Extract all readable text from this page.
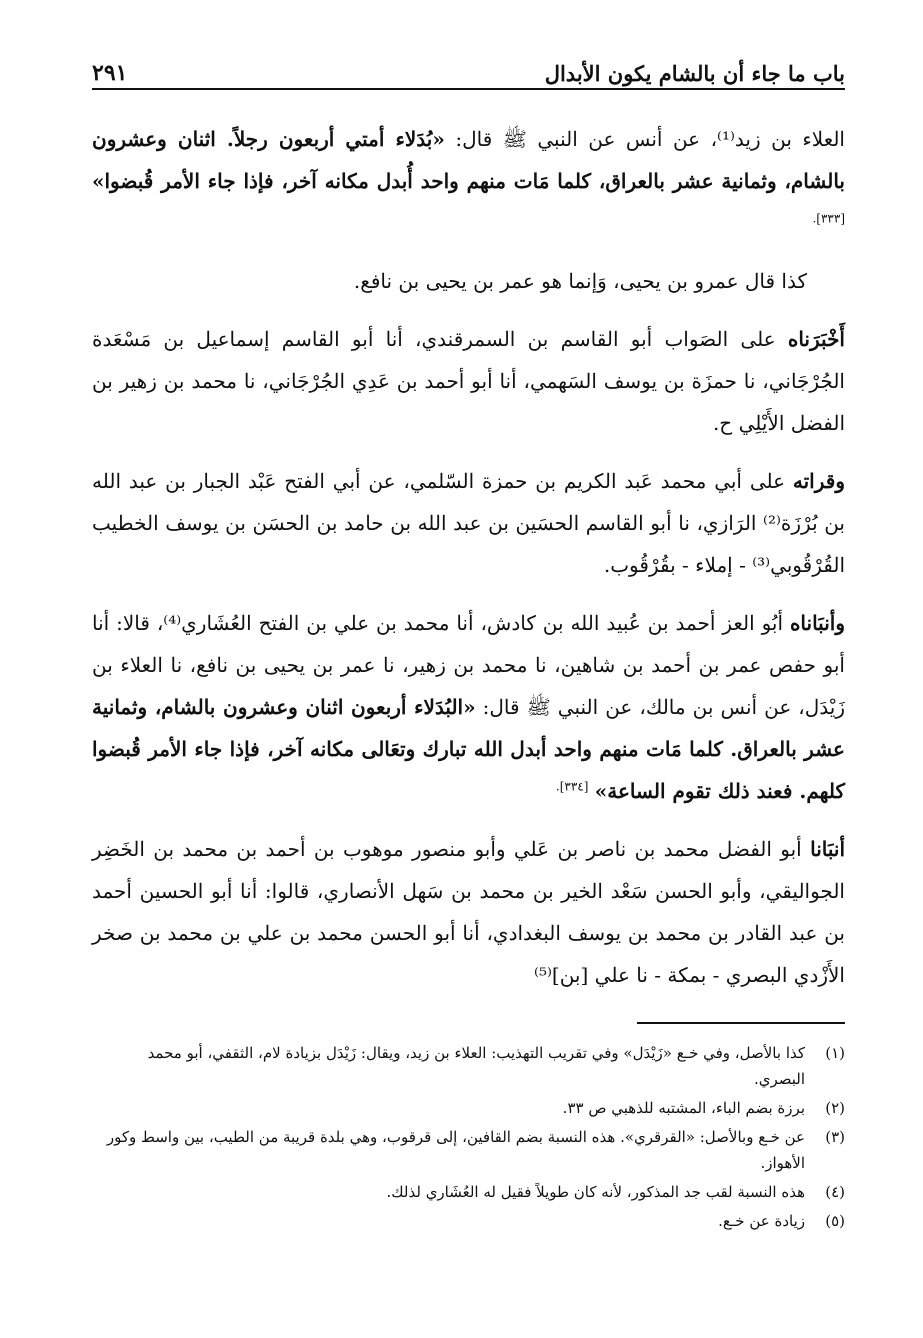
باب ما جاء أن بالشام يكون الأبدال
٢٩١

العلاء بن زيد⁽¹⁾، عن أنس عن النبي ﷺ قال: «بُدَلاء أمتي أربعون رجلاً. اثنان وعشرون بالشام، وثمانية عشر بالعراق، كلما مَات منهم واحد أُبدل مكانه آخر، فإذا جاء الأمر قُبضوا» $^{[٣٣٣].}$

كذا قال عمرو بن يحيى، وَإنما هو عمر بن يحيى بن نافع.

أَخْبَرَناه على الصَواب أبو القاسم بن السمرقندي، أنا أبو القاسم إسماعيل بن مَسْعَدة الجُرْجَاني، نا حمزَة بن يوسف السَهمي، أنا أبو أحمد بن عَدِي الجُرْجَاني، نا محمد بن زهير بن الفضل الأَيْلِي ح.

وقراته على أبي محمد عَبد الكريم بن حمزة السّلمي، عن أبي الفتح عَبْد الجبار بن عبد الله بن بُرْزَة⁽²⁾ الرَازي، نا أبو القاسم الحسَين بن عبد الله بن حامد بن الحسَن بن يوسف الخطيب القُرْقُوبي⁽³⁾ - إملاء - بقُرْقُوب.

وأنبَاناه أبُو العز أحمد بن عُبيد الله بن كادش، أنا محمد بن علي بن الفتح العُشَاري⁽⁴⁾، قالا: أنا أبو حفص عمر بن أحمد بن شاهين، نا محمد بن زهير، نا عمر بن يحيى بن نافع، نا العلاء بن زَيْدَل، عن أنس بن مالك، عن النبي ﷺ قال: «البُدَلاء أربعون اثنان وعشرون بالشام، وثمانية عشر بالعراق. كلما مَات منهم واحد أبدل الله تبارك وتعَالى مكانه آخر، فإذا جاء الأمر قُبضوا كلهم. فعند ذلك تقوم الساعة» $^{[٣٣٤].}$

أنبَانا أبو الفضل محمد بن ناصر بن عَلي وأبو منصور موهوب بن أحمد بن محمد بن الخَضِر الجواليقي، وأبو الحسن سَعْد الخير بن محمد بن سَهل الأنصاري، قالوا: أنا أبو الحسين أحمد بن عبد القادر بن محمد بن يوسف البغدادي، أنا أبو الحسن محمد بن علي بن محمد بن صخر الأَزْدي البصري - بمكة - نا علي [بن]⁽⁵⁾

(١)
كذا بالأصل، وفي خـع «زَيْدَل» وفي تقريب التهذيب: العلاء بن زيد، ويقال: زَيْدَل بزيادة لام، الثقفي، أبو محمد البصري.
(٢)
برزة بضم الباء، المشتبه للذهبي ص ٣٣.
(٣)
عن خـع وبالأصل: «القرقري». هذه النسبة بضم القافين، إلى قرقوب، وهي بلدة قريبة من الطيب، بين واسط وكور الأهواز.
(٤)
هذه النسبة لقب جد المذكور، لأنه كان طويلاً فقيل له العُشَاري لذلك.
(٥)
زيادة عن خـع.
